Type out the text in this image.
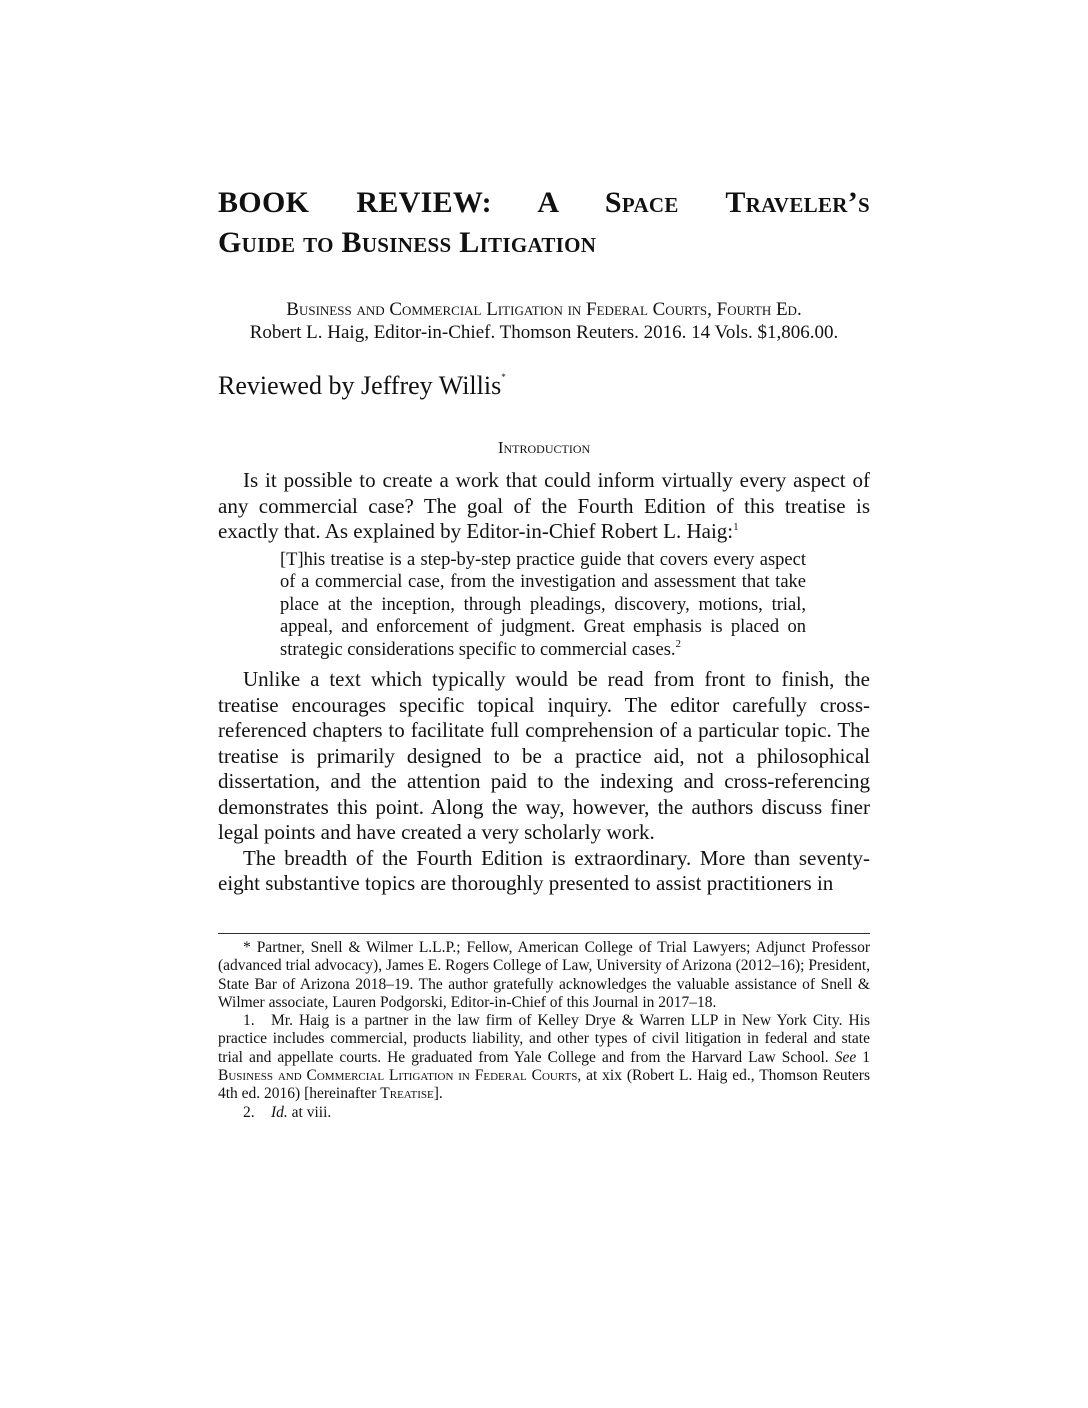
BOOK REVIEW: A Space Traveler’s
Guide to Business Litigation
Business and Commercial Litigation in Federal Courts, Fourth Ed.
Robert L. Haig, Editor-in-Chief. Thomson Reuters. 2016. 14 Vols. $1,806.00.
Reviewed by Jeffrey Willis*
Introduction

Is it possible to create a work that could inform virtually every aspect of any commercial case? The goal of the Fourth Edition of this treatise is exactly that. As explained by Editor-in-Chief Robert L. Haig:$^1$

[T]his treatise is a step-by-step practice guide that covers every aspect of a commercial case, from the investigation and assessment that take place at the inception, through pleadings, discovery, motions, trial, appeal, and enforcement of judgment. Great emphasis is placed on strategic considerations specific to commercial cases.$^2$

Unlike a text which typically would be read from front to finish, the treatise encourages specific topical inquiry. The editor carefully cross-referenced chapters to facilitate full comprehension of a particular topic. The treatise is primarily designed to be a practice aid, not a philosophical dissertation, and the attention paid to the indexing and cross-referencing demonstrates this point. Along the way, however, the authors discuss finer legal points and have created a very scholarly work.

The breadth of the Fourth Edition is extraordinary. More than seventy-eight substantive topics are thoroughly presented to assist practitioners in

* Partner, Snell & Wilmer L.L.P.; Fellow, American College of Trial Lawyers; Adjunct Professor (advanced trial advocacy), James E. Rogers College of Law, University of Arizona (2012–16); President, State Bar of Arizona 2018–19. The author gratefully acknowledges the valuable assistance of Snell & Wilmer associate, Lauren Podgorski, Editor-in-Chief of this Journal in 2017–18.

1. Mr. Haig is a partner in the law firm of Kelley Drye & Warren LLP in New York City. His practice includes commercial, products liability, and other types of civil litigation in federal and state trial and appellate courts. He graduated from Yale College and from the Harvard Law School. See 1 Business and Commercial Litigation in Federal Courts, at xix (Robert L. Haig ed., Thomson Reuters 4th ed. 2016) [hereinafter Treatise].

2. Id. at viii.
